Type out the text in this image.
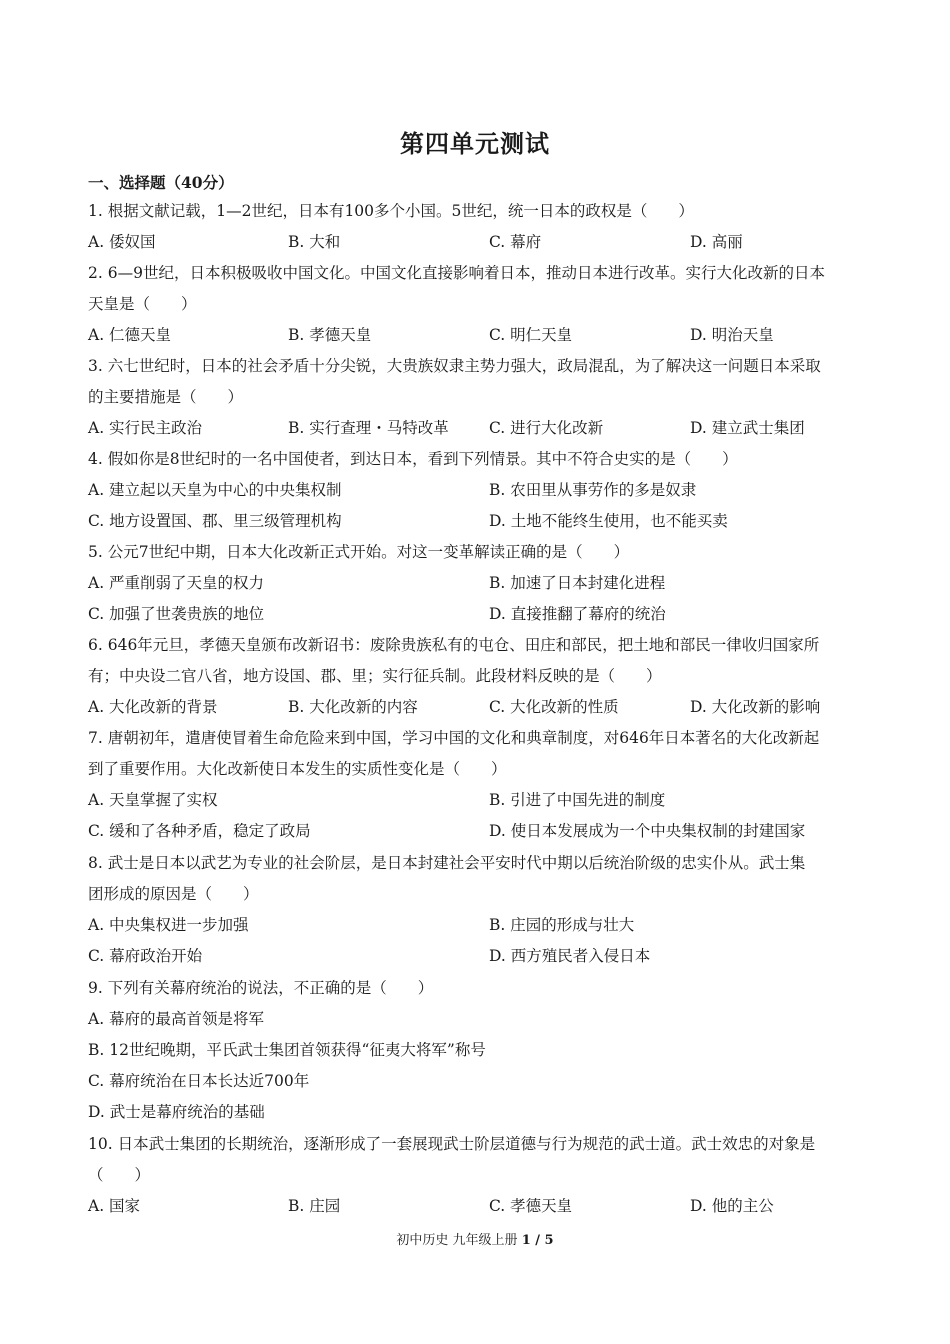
第四单元测试
一、选择题（40分）
1. 根据文献记载，1—2世纪，日本有100多个小国。5世纪，统一日本的政权是（　　）
A. 倭奴国	B. 大和	C. 幕府	D. 高丽
2. 6—9世纪，日本积极吸收中国文化。中国文化直接影响着日本，推动日本进行改革。实行大化改新的日本
天皇是（　　）
A. 仁德天皇	B. 孝德天皇	C. 明仁天皇	D. 明治天皇
3. 六七世纪时，日本的社会矛盾十分尖锐，大贵族奴隶主势力强大，政局混乱，为了解决这一问题日本采取
的主要措施是（　　）
A. 实行民主政治	B. 实行查理・马特改革	C. 进行大化改新	D. 建立武士集团
4. 假如你是8世纪时的一名中国使者，到达日本，看到下列情景。其中不符合史实的是（　　）
A. 建立起以天皇为中心的中央集权制	B. 农田里从事劳作的多是奴隶
C. 地方设置国、郡、里三级管理机构	D. 土地不能终生使用，也不能买卖
5. 公元7世纪中期，日本大化改新正式开始。对这一变革解读正确的是（　　）
A. 严重削弱了天皇的权力	B. 加速了日本封建化进程
C. 加强了世袭贵族的地位	D. 直接推翻了幕府的统治
6. 646年元旦，孝德天皇颁布改新诏书：废除贵族私有的屯仓、田庄和部民，把土地和部民一律收归国家所
有；中央设二官八省，地方设国、郡、里；实行征兵制。此段材料反映的是（　　）
A. 大化改新的背景	B. 大化改新的内容	C. 大化改新的性质	D. 大化改新的影响
7. 唐朝初年，遣唐使冒着生命危险来到中国，学习中国的文化和典章制度，对646年日本著名的大化改新起
到了重要作用。大化改新使日本发生的实质性变化是（　　）
A. 天皇掌握了实权	B. 引进了中国先进的制度
C. 缓和了各种矛盾，稳定了政局	D. 使日本发展成为一个中央集权制的封建国家
8. 武士是日本以武艺为专业的社会阶层，是日本封建社会平安时代中期以后统治阶级的忠实仆从。武士集
团形成的原因是（　　）
A. 中央集权进一步加强	B. 庄园的形成与壮大
C. 幕府政治开始	D. 西方殖民者入侵日本
9. 下列有关幕府统治的说法，不正确的是（　　）
A. 幕府的最高首领是将军
B. 12世纪晚期，平氏武士集团首领获得“征夷大将军”称号
C. 幕府统治在日本长达近700年
D. 武士是幕府统治的基础
10. 日本武士集团的长期统治，逐渐形成了一套展现武士阶层道德与行为规范的武士道。武士效忠的对象是
（　　）
A. 国家	B. 庄园	C. 孝德天皇	D. 他的主公
初中历史 九年级上册 1 / 5
